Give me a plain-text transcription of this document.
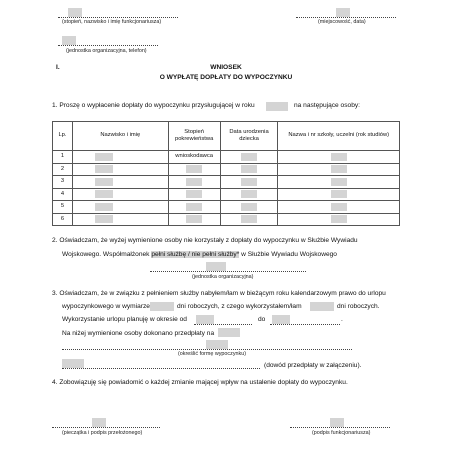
(stopień, nazwisko i imię funkcjonariusza)	(miejscowość, data)
(jednostka organizacyjna, telefon)
I.	WNIOSEK
O WYPŁATĘ DOPŁATY DO WYPOCZYNKU
1. Proszę o wypłacenie dopłaty do wypoczynku przysługującej w roku	na następujące osoby:
Lp.	Nazwisko i imię	Stopień pokrewieństwa	Data urodzenia dziecka	Nazwa i nr szkoły, uczelni (rok studiów)
1		wnioskodawca	

2	

3	

4	

5	

6	

2. Oświadczam, że wyżej wymienione osoby nie korzystały z dopłaty do wypoczynku w Służbie Wywiadu
Wojskowego. Współmałżonek pełni służbę / nie pełni służby* w Służbie Wywiadu Wojskowego
(jednostka organizacyjna)
3. Oświadczam, że w związku z pełnieniem służby nabyłem/łam w bieżącym roku kalendarzowym prawo do urlopu
wypoczynkowego w wymiarze	dni roboczych, z czego wykorzystałem/łam	dni roboczych.
Wykorzystanie urlopu planuję w okresie od	do	.
Na niżej wymienione osoby dokonano przedpłaty na
(określić formę wypoczynku)
(dowód przedpłaty w załączeniu).
4. Zobowiązuję się powiadomić o każdej zmianie mającej wpływ na ustalenie dopłaty do wypoczynku.
(pieczątka i podpis przełożonego)	(podpis funkcjonariusza)
